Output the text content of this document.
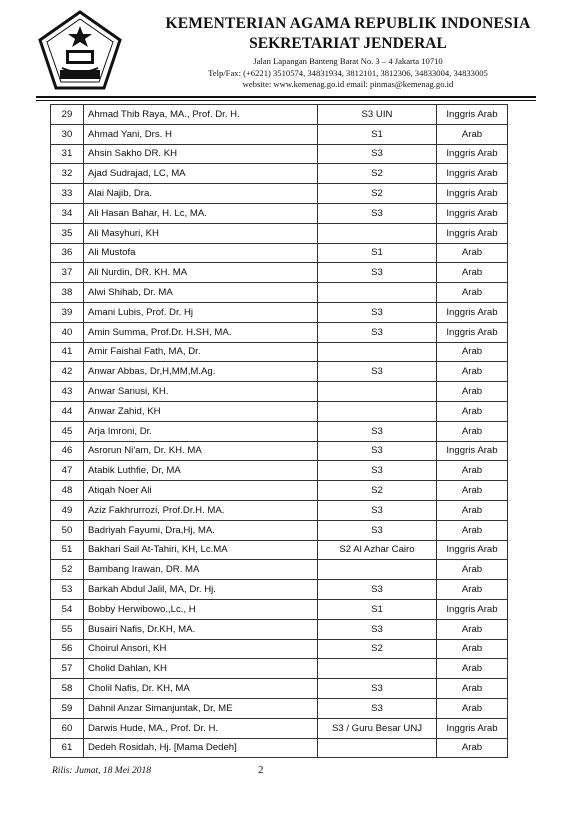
KEMENTERIAN AGAMA REPUBLIK INDONESIA
SEKRETARIAT JENDERAL
Jalan Lapangan Banteng Barat No. 3 – 4 Jakarta 10710
Telp/Fax: (+6221) 3510574, 34831934, 3812101, 3812306, 34833004, 34833005
website: www.kemenag.go.id email: pinmas@kemenag.go.id
29	Ahmad Thib Raya, MA., Prof. Dr. H.	S3 UIN	Inggris Arab
30	Ahmad Yani, Drs. H	S1	Arab
31	Ahsin Sakho DR. KH	S3	Inggris Arab
32	Ajad Sudrajad, LC, MA	S2	Inggris Arab
33	Alai Najib, Dra.	S2	Inggris Arab
34	Ali Hasan Bahar, H. Lc, MA.	S3	Inggris Arab
35	Ali Masyhuri, KH		Inggris Arab
36	Ali Mustofa	S1	Arab
37	Ali Nurdin, DR. KH. MA	S3	Arab
38	Alwi Shihab, Dr. MA		Arab
39	Amani Lubis, Prof. Dr. Hj	S3	Inggris Arab
40	Amin Summa, Prof.Dr. H.SH, MA.	S3	Inggris Arab
41	Amir Faishal Fath, MA, Dr.		Arab
42	Anwar Abbas, Dr,H,MM,M.Ag.	S3	Arab
43	Anwar Sanusi, KH.		Arab
44	Anwar Zahid, KH		Arab
45	Arja Imroni, Dr.	S3	Arab
46	Asrorun Ni'am, Dr. KH. MA	S3	Inggris Arab
47	Atabik Luthfie, Dr, MA	S3	Arab
48	Atiqah Noer Ali	S2	Arab
49	Aziz Fakhrurrozi, Prof.Dr.H. MA.	S3	Arab
50	Badriyah Fayumi, Dra,Hj, MA.	S3	Arab
51	Bakhari Sail At-Tahiri, KH, Lc.MA	S2 Al Azhar Cairo	Inggris Arab
52	Bambang Irawan, DR. MA		Arab
53	Barkah Abdul Jalil, MA, Dr. Hj.	S3	Arab
54	Bobby Herwibowo.,Lc., H	S1	Inggris Arab
55	Busairi Nafis, Dr.KH, MA.	S3	Arab
56	Choirul Ansori, KH	S2	Arab
57	Cholid Dahlan, KH		Arab
58	Cholil Nafis, Dr. KH, MA	S3	Arab
59	Dahnil Anzar Simanjuntak, Dr, ME	S3	Arab
60	Darwis Hude, MA., Prof. Dr. H.	S3 / Guru Besar UNJ	Inggris Arab
61	Dedeh Rosidah, Hj. [Mama Dedeh]		Arab
Rilis: Jumat, 18 Mei 2018	2
